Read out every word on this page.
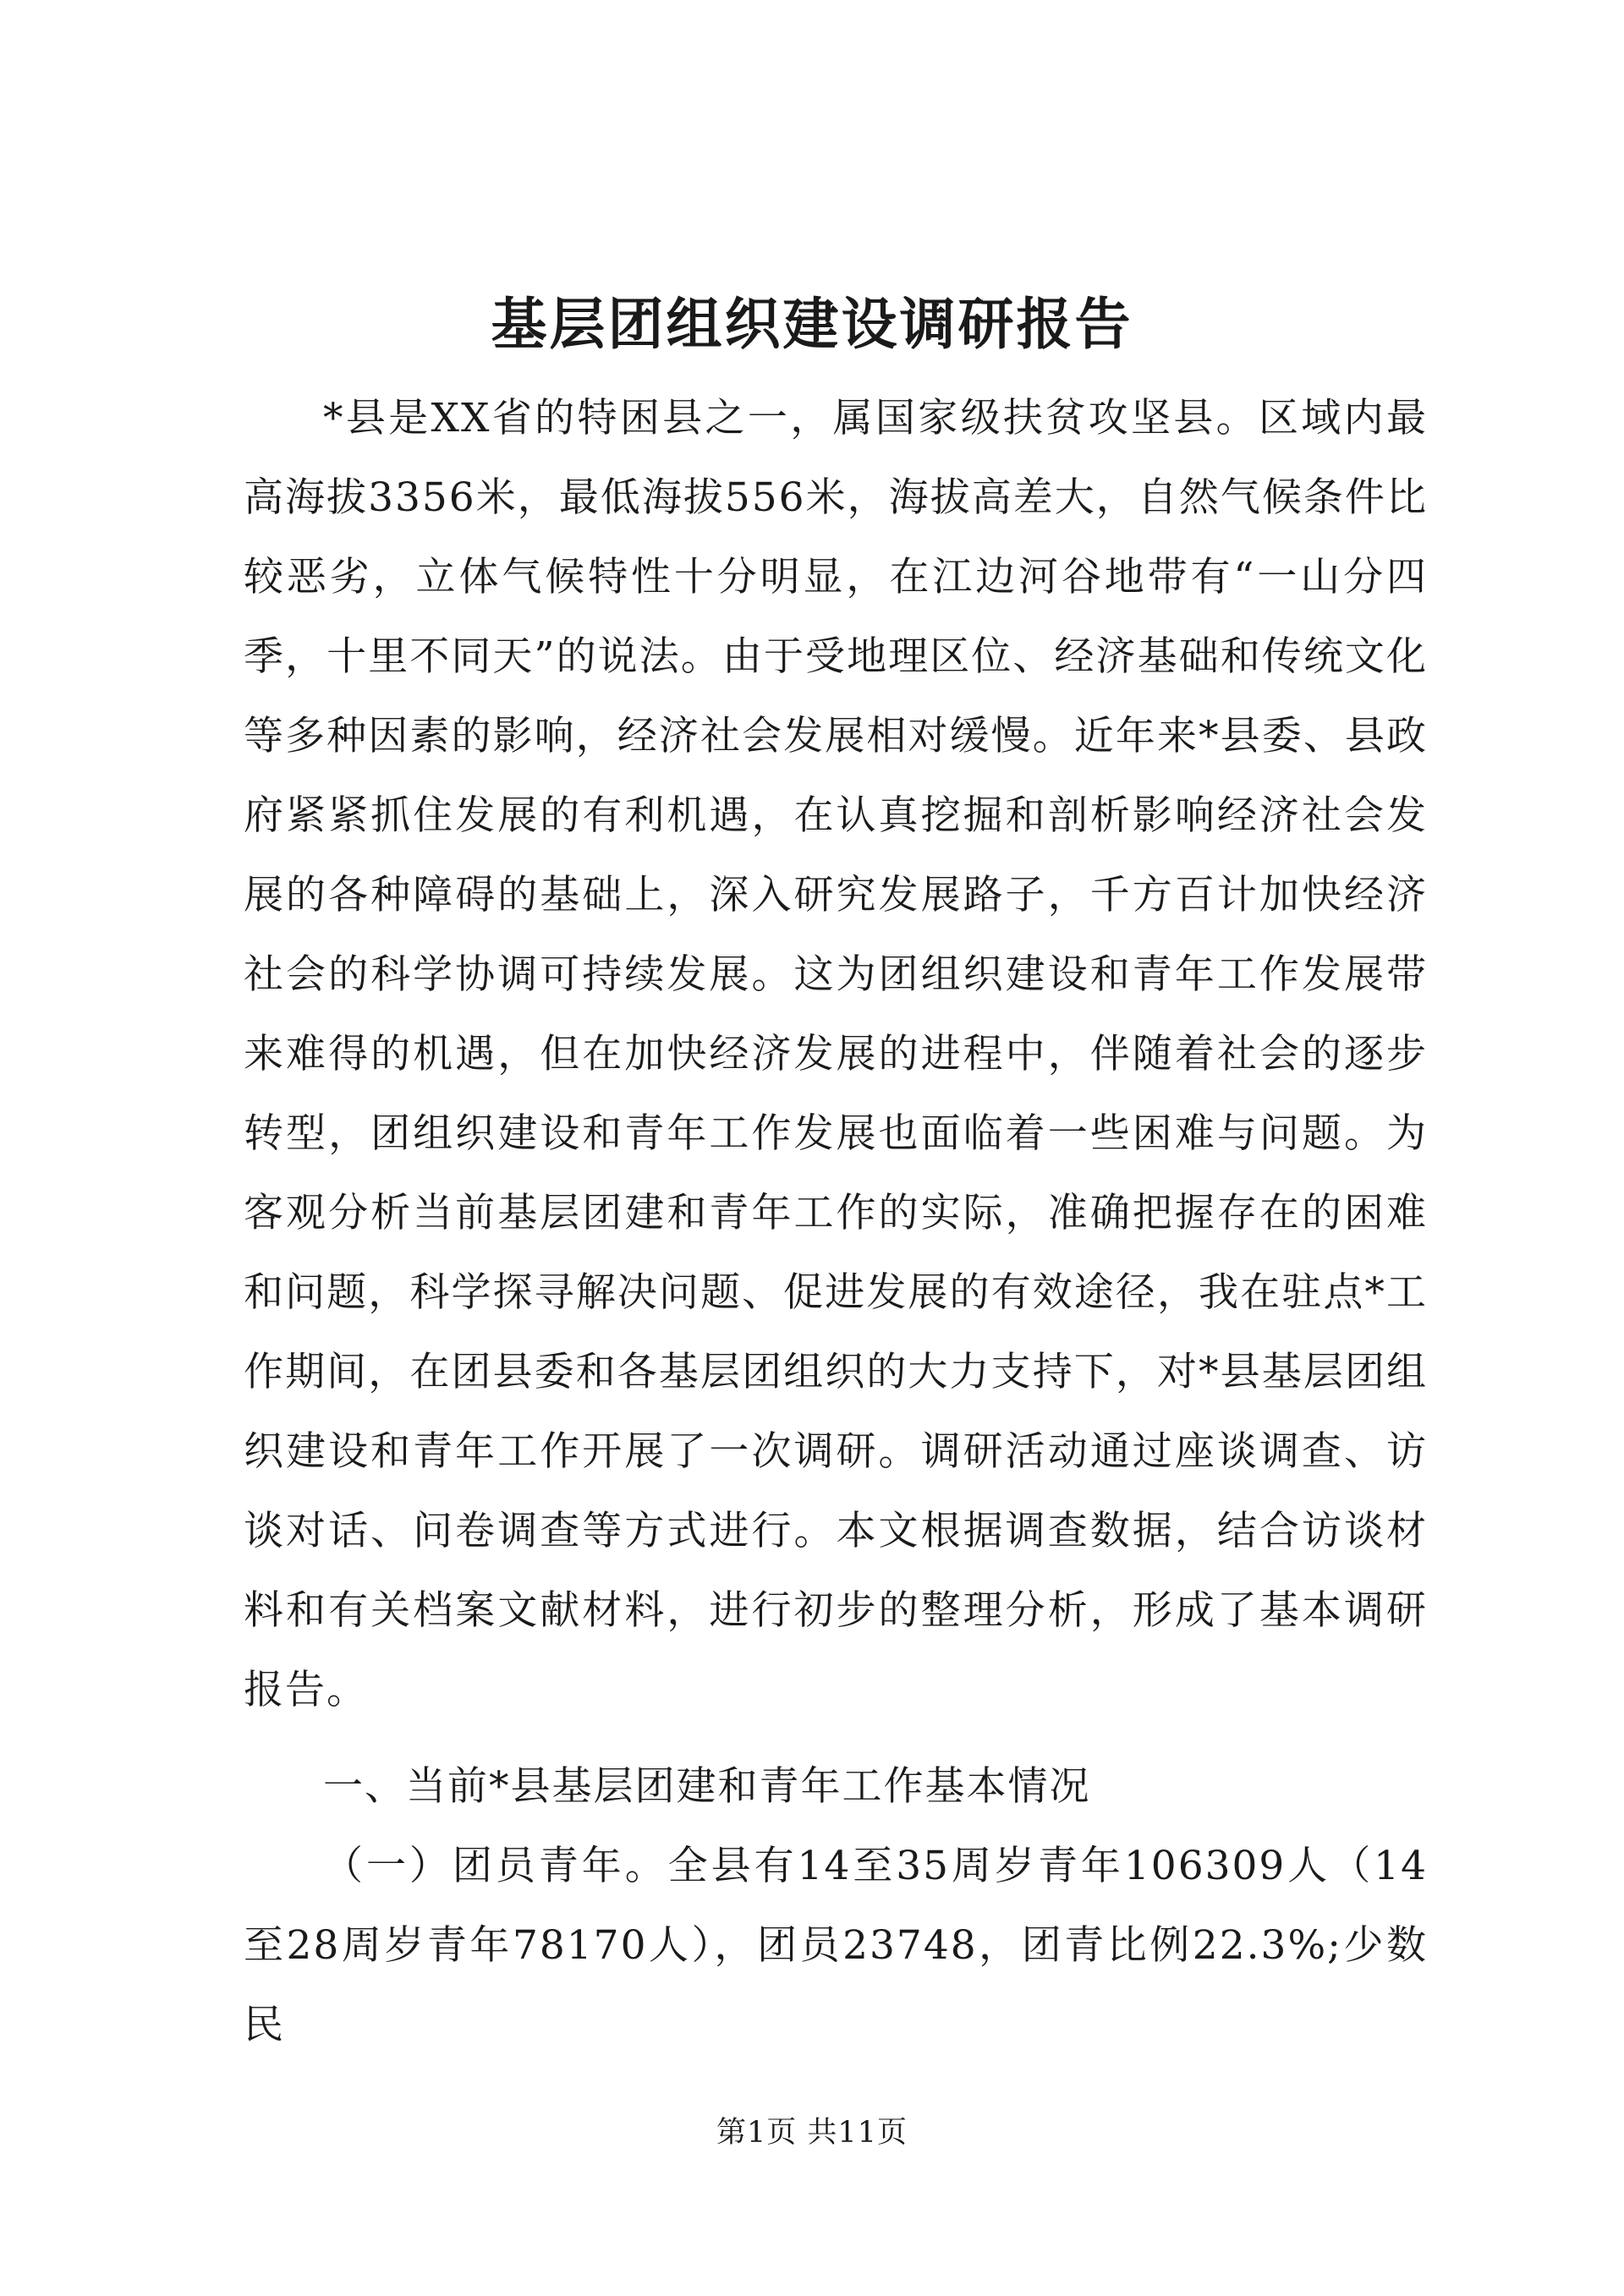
基层团组织建设调研报告

*县是XX省的特困县之一，属国家级扶贫攻坚县。区域内最高海拔3356米，最低海拔556米，海拔高差大，自然气候条件比较恶劣，立体气候特性十分明显，在江边河谷地带有“一山分四季，十里不同天”的说法。由于受地理区位、经济基础和传统文化等多种因素的影响，经济社会发展相对缓慢。近年来*县委、县政府紧紧抓住发展的有利机遇，在认真挖掘和剖析影响经济社会发展的各种障碍的基础上，深入研究发展路子，千方百计加快经济社会的科学协调可持续发展。这为团组织建设和青年工作发展带来难得的机遇，但在加快经济发展的进程中，伴随着社会的逐步转型，团组织建设和青年工作发展也面临着一些困难与问题。为客观分析当前基层团建和青年工作的实际，准确把握存在的困难和问题，科学探寻解决问题、促进发展的有效途径，我在驻点*工作期间，在团县委和各基层团组织的大力支持下，对*县基层团组织建设和青年工作开展了一次调研。调研活动通过座谈调查、访谈对话、问卷调查等方式进行。本文根据调查数据，结合访谈材料和有关档案文献材料，进行初步的整理分析，形成了基本调研报告。

一、当前*县基层团建和青年工作基本情况

（一）团员青年。全县有14至35周岁青年106309人（14至28周岁青年78170人），团员23748，团青比例22.3%;少数民

第1页 共11页
